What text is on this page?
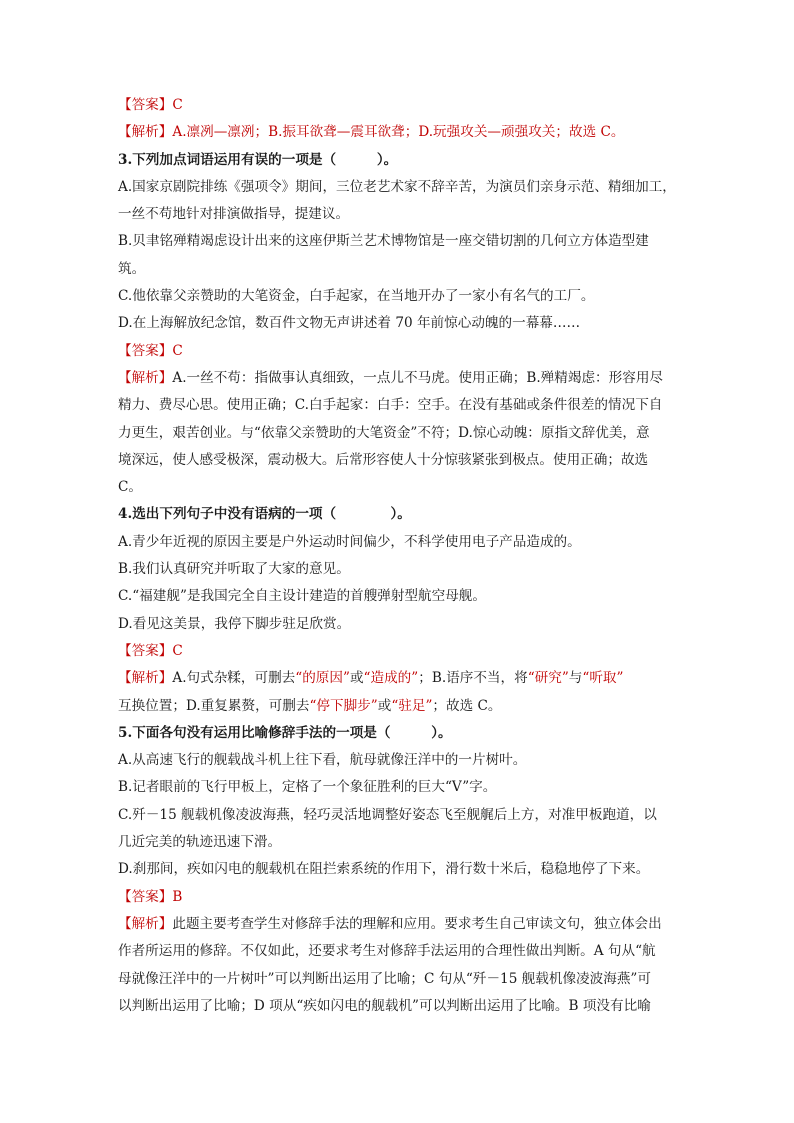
【答案】C
【解析】A.凛冽—凛冽；B.振耳欲聋—震耳欲聋；D.玩强攻关—顽强攻关；故选 C。
3.下列加点词语运用有误的一项是（　　　）。
A.国家京剧院排练《强项令》期间，三位老艺术家不辞辛苦，为演员们亲身示范、精细加工，
一丝不苟地针对排演做指导，提建议。
B.贝聿铭殚精竭虑设计出来的这座伊斯兰艺术博物馆是一座交错切割的几何立方体造型建
筑。
C.他依靠父亲赞助的大笔资金，白手起家，在当地开办了一家小有名气的工厂。
D.在上海解放纪念馆，数百件文物无声讲述着 70 年前惊心动魄的一幕幕……
【答案】C
【解析】A.一丝不苟：指做事认真细致，一点儿不马虎。使用正确；B.殚精竭虑：形容用尽
精力、费尽心思。使用正确；C.白手起家：白手：空手。在没有基础或条件很差的情况下自
力更生，艰苦创业。与“依靠父亲赞助的大笔资金”不符；D.惊心动魄：原指文辞优美，意
境深远，使人感受极深，震动极大。后常形容使人十分惊骇紧张到极点。使用正确；故选
C。
4.选出下列句子中没有语病的一项（　　　　）。
A.青少年近视的原因主要是户外运动时间偏少，不科学使用电子产品造成的。
B.我们认真研究并听取了大家的意见。
C.“福建舰”是我国完全自主设计建造的首艘弹射型航空母舰。
D.看见这美景，我停下脚步驻足欣赏。
【答案】C
【解析】A.句式杂糅，可删去“的原因”或“造成的”；B.语序不当，将“研究”与“听取”
互换位置；D.重复累赘，可删去“停下脚步”或“驻足”；故选 C。
5.下面各句没有运用比喻修辞手法的一项是（　　　）。
A.从高速飞行的舰载战斗机上往下看，航母就像汪洋中的一片树叶。
B.记者眼前的飞行甲板上，定格了一个象征胜利的巨大“V”字。
C.歼－15 舰载机像凌波海燕，轻巧灵活地调整好姿态飞至舰艉后上方，对准甲板跑道，以
几近完美的轨迹迅速下滑。
D.刹那间，疾如闪电的舰载机在阻拦索系统的作用下，滑行数十米后，稳稳地停了下来。
【答案】B
【解析】此题主要考查学生对修辞手法的理解和应用。要求考生自己审读文句，独立体会出
作者所运用的修辞。不仅如此，还要求考生对修辞手法运用的合理性做出判断。A 句从“航
母就像汪洋中的一片树叶”可以判断出运用了比喻；C 句从“歼－15 舰载机像凌波海燕”可
以判断出运用了比喻；D 项从“疾如闪电的舰载机”可以判断出运用了比喻。B 项没有比喻
